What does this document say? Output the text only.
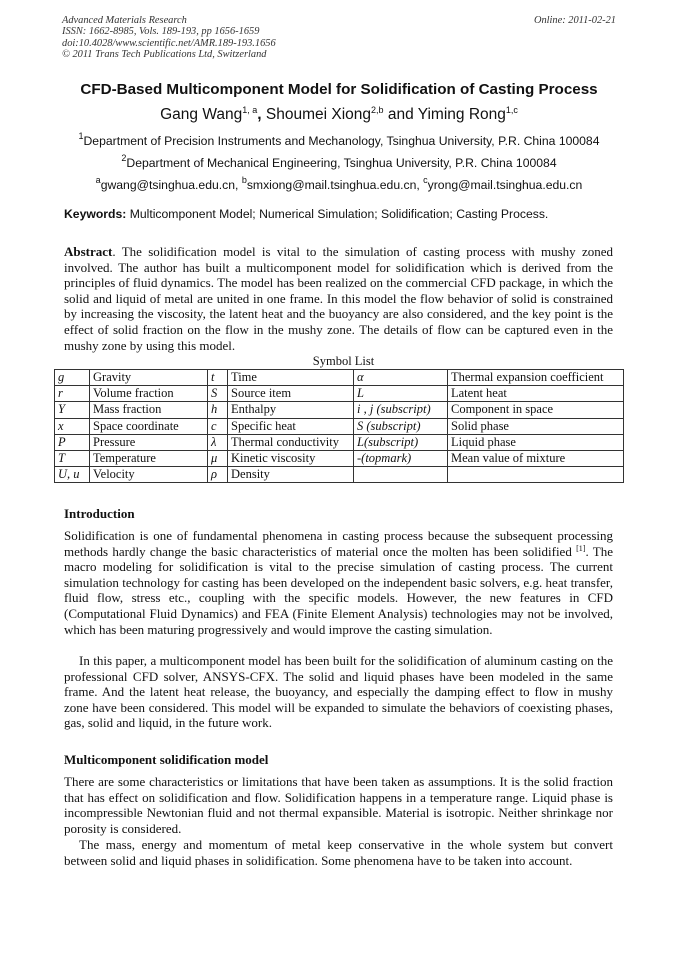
Advanced Materials Research
ISSN: 1662-8985, Vols. 189-193, pp 1656-1659
doi:10.4028/www.scientific.net/AMR.189-193.1656
© 2011 Trans Tech Publications Ltd, Switzerland
Online: 2011-02-21
CFD-Based Multicomponent Model for Solidification of Casting Process
Gang Wang$^{1, a}$, Shoumei Xiong$^{2,b}$ and Yiming Rong$^{1,c}$
$^1$Department of Precision Instruments and Mechanology, Tsinghua University, P.R. China 100084
$^2$Department of Mechanical Engineering, Tsinghua University, P.R. China 100084
$^a$gwang@tsinghua.edu.cn, $^b$smxiong@mail.tsinghua.edu.cn, $^c$yrong@mail.tsinghua.edu.cn
Keywords: Multicomponent Model; Numerical Simulation; Solidification; Casting Process.
Abstract. The solidification model is vital to the simulation of casting process with mushy zoned involved. The author has built a multicomponent model for solidification which is derived from the principles of fluid dynamics. The model has been realized on the commercial CFD package, in which the solid and liquid of metal are united in one frame. In this model the flow behavior of solid is constrained by increasing the viscosity, the latent heat and the buoyancy are also considered, and the key point is the effect of solid fraction on the flow in the mushy zone. The details of flow can be captured even in the mushy zone by using this model.
Symbol List
g	Gravity	t	Time	α	Thermal expansion coefficient
r	Volume fraction	S	Source item	L	Latent heat
Y	Mass fraction	h	Enthalpy	i , j (subscript)	Component in space
x	Space coordinate	c	Specific heat	S (subscript)	Solid phase
P	Pressure	λ	Thermal conductivity	L(subscript)	Liquid phase
T	Temperature	μ	Kinetic viscosity	-(topmark)	Mean value of mixture
U, u	Velocity	ρ	Density		
Introduction
Solidification is one of fundamental phenomena in casting process because the subsequent processing methods hardly change the basic characteristics of material once the molten has been solidified [1]. The macro modeling for solidification is vital to the precise simulation of casting process. The current simulation technology for casting has been developed on the independent basic solvers, e.g. heat transfer, fluid flow, stress etc., coupling with the specific models. However, the new features in CFD (Computational Fluid Dynamics) and FEA (Finite Element Analysis) technologies may not be involved, which has been maturing progressively and would improve the casting simulation.
In this paper, a multicomponent model has been built for the solidification of aluminum casting on the professional CFD solver, ANSYS-CFX. The solid and liquid phases have been modeled in the same frame. And the latent heat release, the buoyancy, and especially the damping effect to flow in mushy zone have been considered. This model will be expanded to simulate the behaviors of coexisting phases, gas, solid and liquid, in the future work.
Multicomponent solidification model
There are some characteristics or limitations that have been taken as assumptions. It is the solid fraction that has effect on solidification and flow. Solidification happens in a temperature range. Liquid phase is incompressible Newtonian fluid and not thermal expansible. Material is isotropic. Neither shrinkage nor porosity is considered.
The mass, energy and momentum of metal keep conservative in the whole system but convert between solid and liquid phases in solidification. Some phenomena have to be taken into account.
